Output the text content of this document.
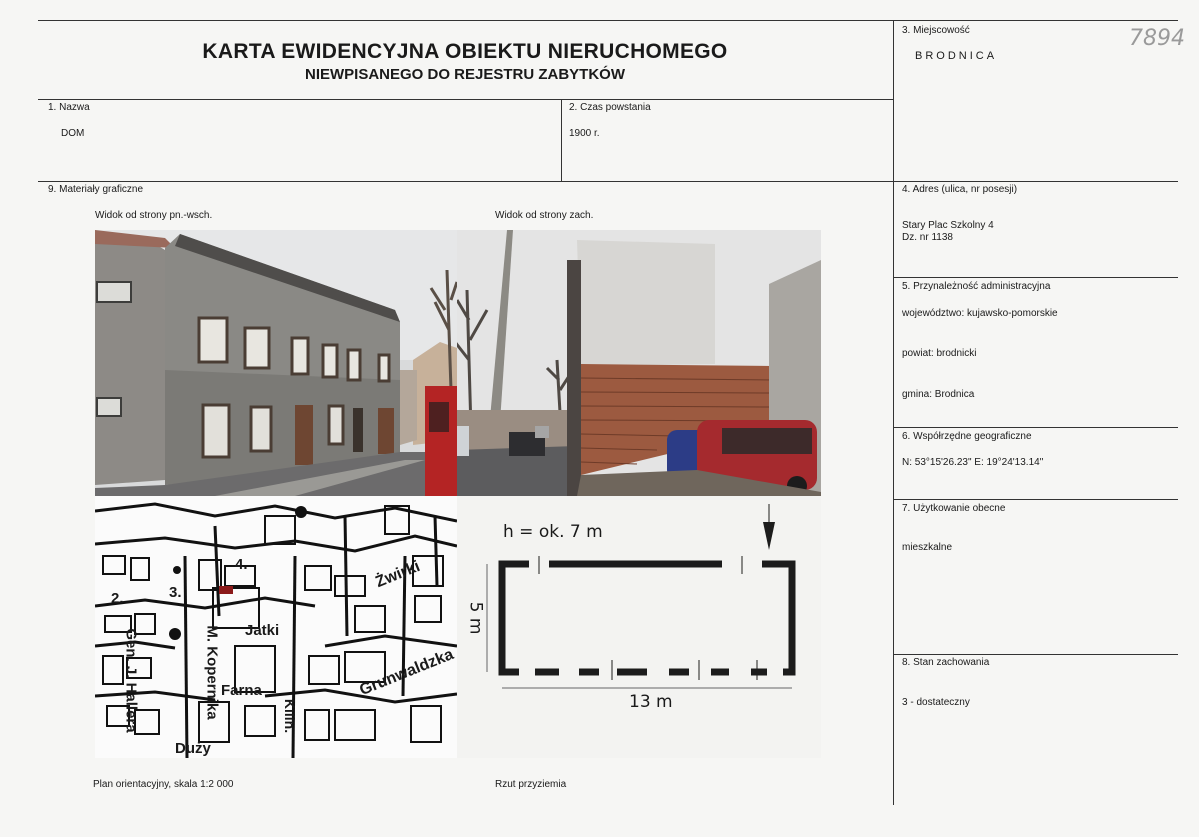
KARTA EWIDENCYJNA OBIEKTU NIERUCHOMEGO
NIEWPISANEGO DO REJESTRU ZABYTKÓW
7894
3. Miejscowość
BRODNICA
1. Nazwa
DOM
2. Czas powstania
1900 r.
9. Materiały graficzne	4. Adres (ulica, nr posesji)
Stary Plac Szkolny 4
Dz. nr 1138
5. Przynależność administracyjna
województwo: kujawsko-pomorskie
powiat: brodnicki
gmina: Brodnica
6. Współrzędne geograficzne
N: 53°15'26.23" E: 19°24'13.14"
7. Użytkowanie obecne
mieszkalne
8. Stan zachowania
3 - dostateczny
Widok od strony pn.-wsch.	Widok od strony zach.
Żwirki
Grunwaldzka
Jatki
Farna
M. Kopernika
Gen. J. Hallera
Duży
Kilin.
2.	3.
4.
h = ok. 7 m
13 m
5 m
Plan orientacyjny, skala 1:2 000	Rzut przyziemia
